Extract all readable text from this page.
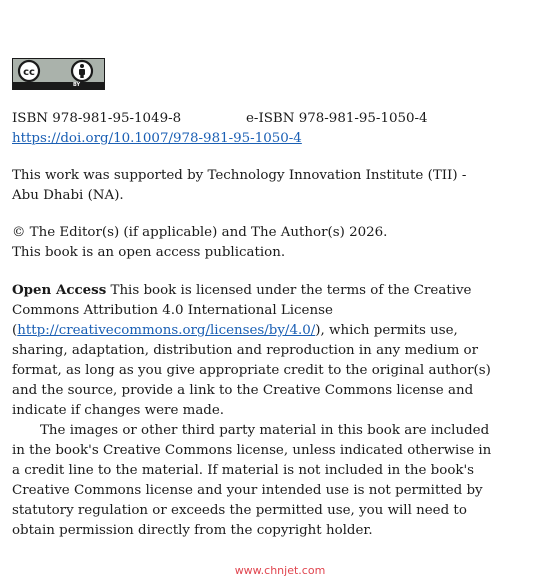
cc
BY
ISBN 978-981-95-1049-8	e-ISBN 978-981-95-1050-4
https://doi.org/10.1007/978-981-95-1050-4
This work was supported by Technology Innovation Institute (TII) -
Abu Dhabi (NA).
© The Editor(s) (if applicable) and The Author(s) 2026.
This book is an open access publication.
Open Access This book is licensed under the terms of the Creative
Commons Attribution 4.0 International License
(http://creativecommons.org/licenses/by/4.0/), which permits use,
sharing, adaptation, distribution and reproduction in any medium or
format, as long as you give appropriate credit to the original author(s)
and the source, provide a link to the Creative Commons license and
indicate if changes were made.
The images or other third party material in this book are included
in the book's Creative Commons license, unless indicated otherwise in
a credit line to the material. If material is not included in the book's
Creative Commons license and your intended use is not permitted by
statutory regulation or exceeds the permitted use, you will need to
obtain permission directly from the copyright holder.
www.chnjet.com
